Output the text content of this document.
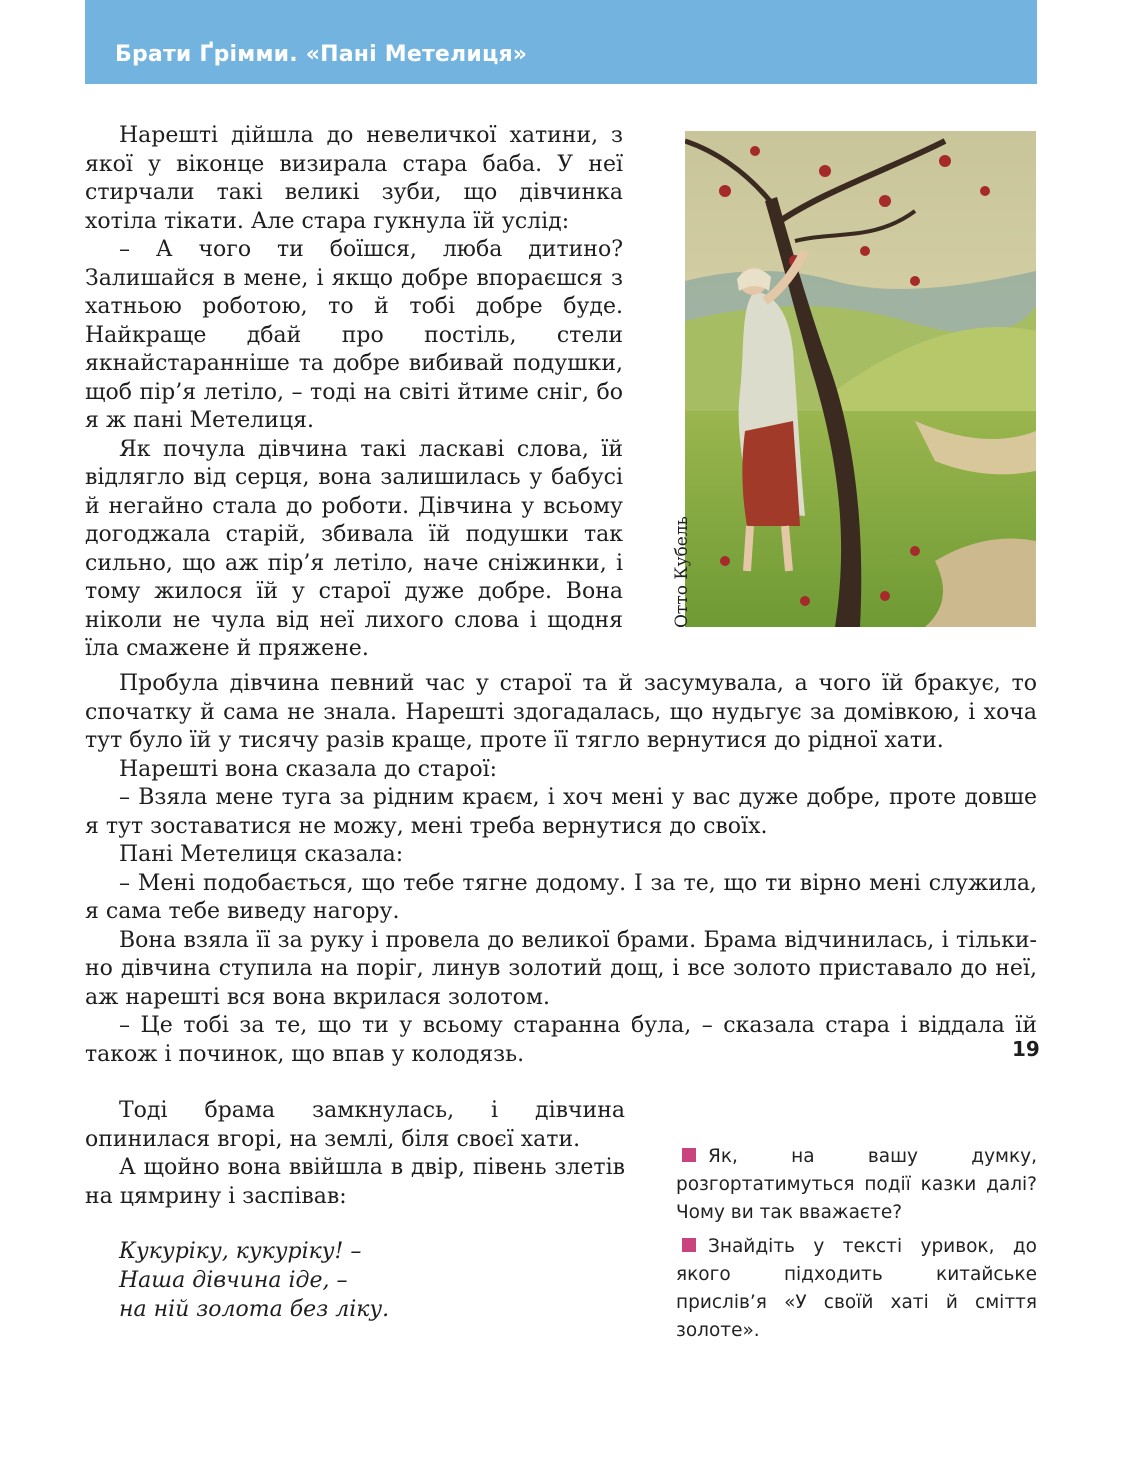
Брати Ґрімми. «Пані Метелиця»

Нарешті дійшла до невеличкої хатини, з якої у віконце визирала стара баба. У неї стирчали такі великі зуби, що дівчинка хотіла тікати. Але стара гукнула їй услід:

– А чого ти боїшся, люба дитино? Залишайся в мене, і якщо добре впораєшся з хатньою роботою, то й тобі добре буде. Найкраще дбай про постіль, стели якнайстаранніше та добре вибивай подушки, щоб пір’я летіло, – тоді на світі йтиме сніг, бо я ж пані Метелиця.

Як почула дівчина такі ласкаві слова, їй відлягло від серця, вона залишилась у бабусі й негайно стала до роботи. Дівчина у всьому догоджала старій, збивала їй подушки так сильно, що аж пір’я летіло, наче сніжинки, і тому жилося їй у старої дуже добре. Вона ніколи не чула від неї лихого слова і щодня їла смажене й пряжене.

Отто Кубель

Пробула дівчина певний час у старої та й засумувала, а чого їй бракує, то спочатку й сама не знала. Нарешті здогадалась, що нудьгує за домівкою, і хоча тут було їй у тисячу разів краще, проте її тягло вернутися до рідної хати.

Нарешті вона сказала до старої:

– Взяла мене туга за рідним краєм, і хоч мені у вас дуже добре, проте довше я тут зоставатися не можу, мені треба вернутися до своїх.

Пані Метелиця сказала:

– Мені подобається, що тебе тягне додому. І за те, що ти вірно мені служила, я сама тебе виведу нагору.

Вона взяла її за руку і провела до великої брами. Брама відчинилась, і тільки-но дівчина ступила на поріг, линув золотий дощ, і все золото приставало до неї, аж нарешті вся вона вкрилася золотом.

– Це тобі за те, що ти у всьому старанна була, – сказала стара і віддала їй також і починок, що впав у колодязь.

Тоді брама замкнулась, і дівчина опинилася вгорі, на землі, біля своєї хати.

А щойно вона ввійшла в двір, півень злетів на цямрину і заспівав:

Кукуріку, кукуріку! –
Наша дівчина іде, –
на ній золота без ліку.

Як, на вашу думку, розгортатимуться події казки далі? Чому ви так вважаєте?

Знайдіть у тексті уривок, до якого підходить китайське прислів’я «У своїй хаті й сміття золоте».

19
